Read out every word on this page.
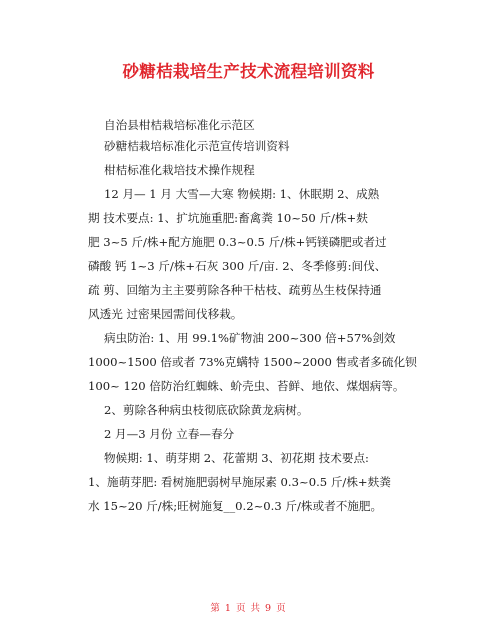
砂糖桔栽培生产技术流程培训资料
自治县柑桔栽培标准化示范区
砂糖桔栽培标准化示范宣传培训资料
柑桔标准化栽培技术操作规程
12 月— 1 月 大雪—大寒 物候期: 1、休眠期 2、成熟
期 技术要点: 1、扩坑施重肥:畜禽粪 10~50 斤/株+麸
肥 3~5 斤/株+配方施肥 0.3~0.5 斤/株+钙镁磷肥或者过
磷酸 钙 1~3 斤/株+石灰 300 斤/亩. 2、冬季修剪:间伐、
疏 剪、回缩为主主要剪除各种干枯枝、疏剪丛生枝保持通
风透光 过密果园需间伐移栽。
病虫防治: 1、用 99.1%矿物油 200~300 倍+57%剑效
1000~1500 倍或者 73%克螨特 1500~2000 售或者多硫化钡
100~ 120 倍防治红蜘蛛、蚧壳虫、苔鲜、地依、煤烟病等。
2、剪除各种病虫枝彻底砍除黄龙病树。
2 月—3 月份 立春—春分
物候期: 1、萌芽期 2、花蕾期 3、初花期 技术要点:
1、施萌芽肥: 看树施肥弱树早施尿素 0.3~0.5 斤/株+麸粪
水 15~20 斤/株;旺树施复__0.2~0.3 斤/株或者不施肥。
第 1 页 共 9 页
